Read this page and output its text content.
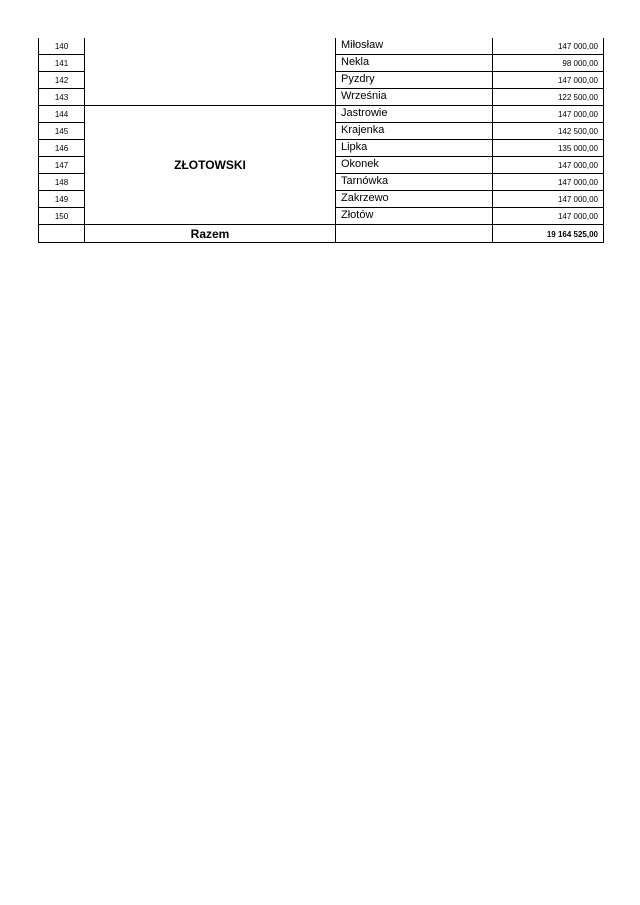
140		Miłosław	147 000,00
141		Nekla	98 000,00
142		Pyzdry	147 000,00
143		Września	122 500,00
144	ZŁOTOWSKI	Jastrowie	147 000,00
145		Krajenka	142 500,00
146		Lipka	135 000,00
147		Okonek	147 000,00
148		Tarnówka	147 000,00
149		Zakrzewo	147 000,00
150		Złotów	147 000,00
	Razem		19 164 525,00
